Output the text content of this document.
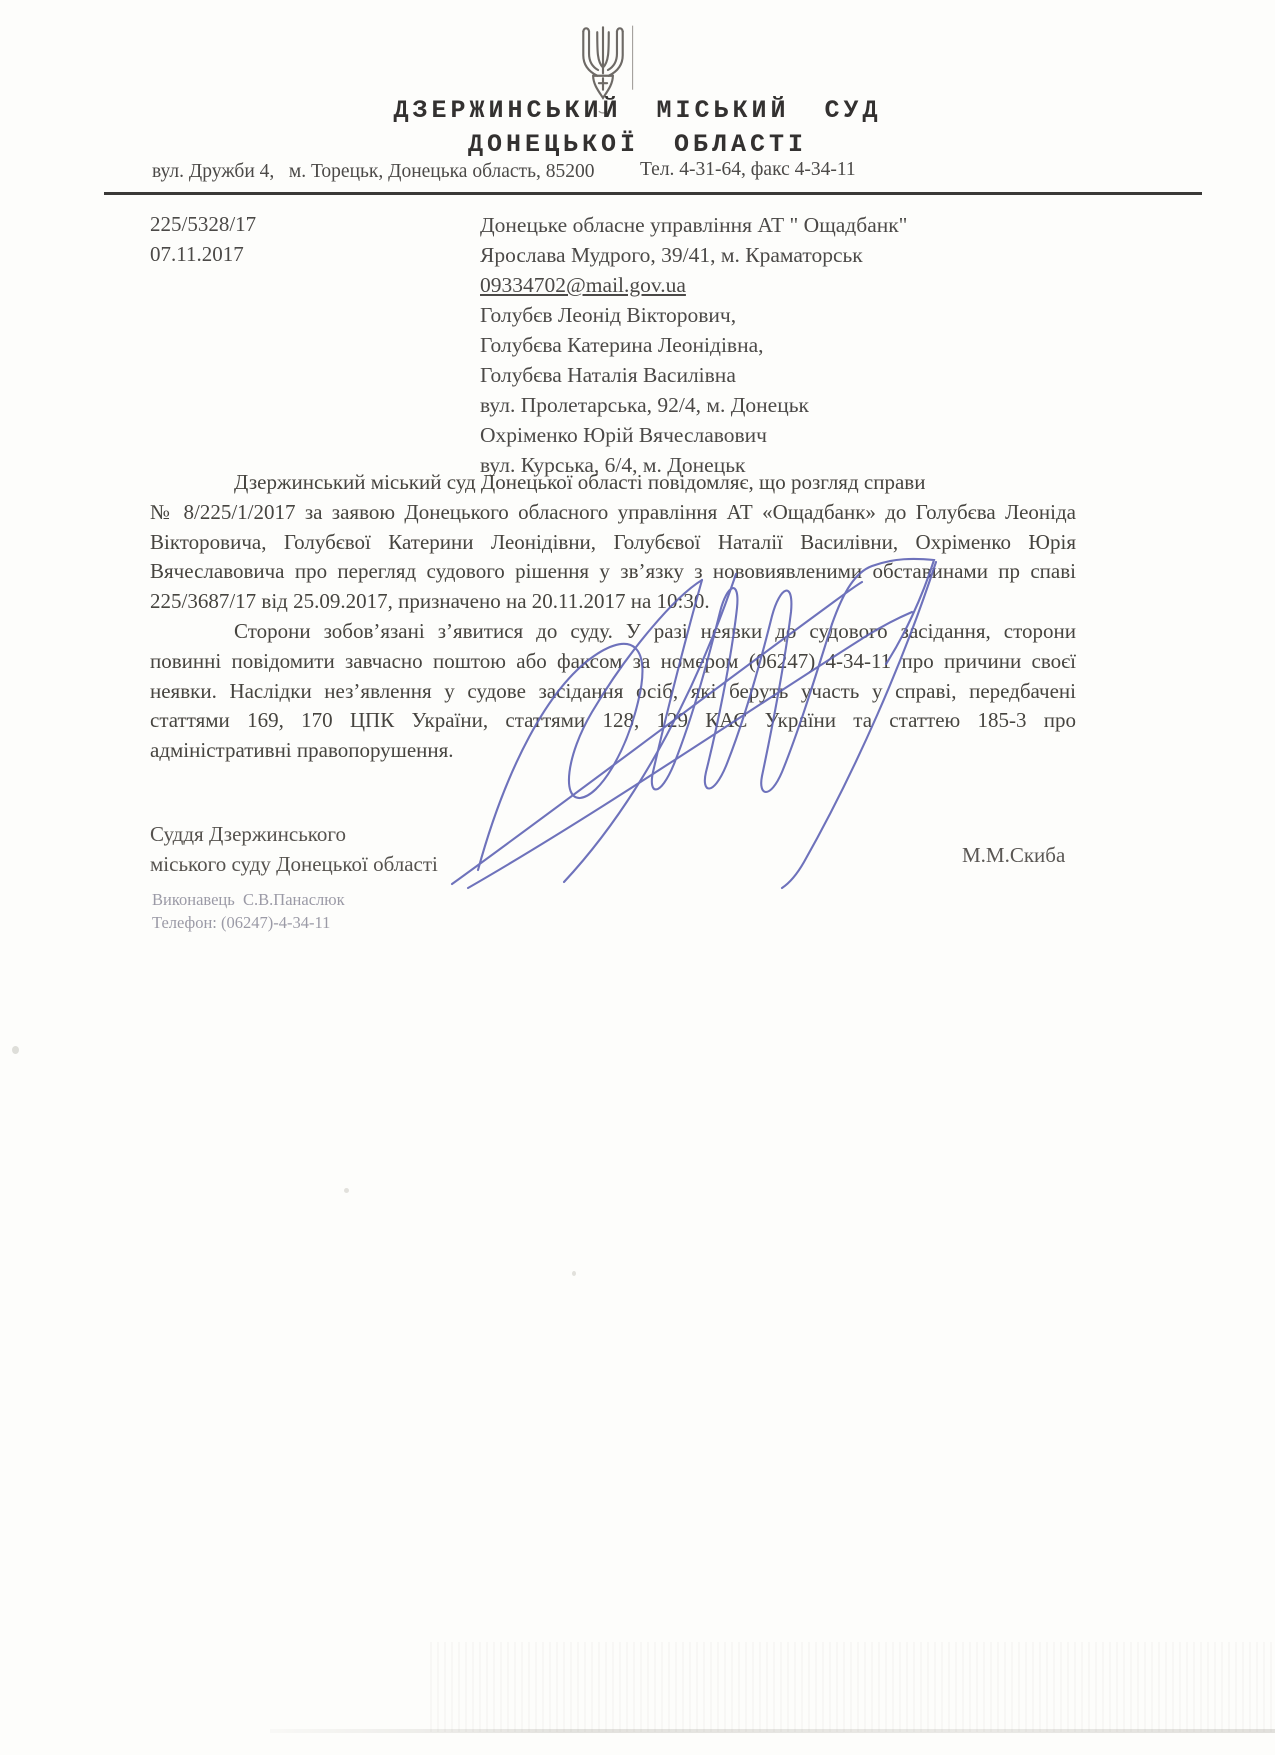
ДЗЕРЖИНСЬКИЙ МІСЬКИЙ СУД
ДОНЕЦЬКОЇ ОБЛАСТІ
вул. Дружби 4,   м. Торецьк, Донецька область, 85200 Тел. 4-31-64, факс 4-34-11
225/5328/17
07.11.2017
Донецьке обласне управління АТ " Ощадбанк"
Ярослава Мудрого, 39/41, м. Краматорськ
09334702@mail.gov.ua
Голубєв Леонід Вікторович,
Голубєва Катерина Леонідівна,
Голубєва Наталія Василівна
вул. Пролетарська, 92/4, м. Донецьк
Охріменко Юрій Вячеславович
вул. Курська, 6/4, м. Донецьк
Дзержинський міський суд Донецької області повідомляє, що розгляд справи
№ 8/225/1/2017 за заявою Донецького обласного управління АТ «Ощадбанк» до Голубєва Леоніда
Вікторовича, Голубєвої Катерини Леонідівни, Голубєвої Наталії Василівни, Охріменко Юрія
Вячеславовича про перегляд судового рішення у зв’язку з нововиявленими обставинами пр спаві
225/3687/17 від 25.09.2017, призначено на 20.11.2017 на 10:30.
Сторони зобов’язані з’явитися до суду. У разі неявки до судового засідання, сторони
повинні повідомити завчасно поштою або факсом за номером (06247) 4-34-11 про причини своєї
неявки. Наслідки нез’явлення у судове засідання осіб, які беруть участь у справі, передбачені
статтями 169, 170 ЦПК України, статтями 128, 129 КАС України та статтею 185-3 про
адміністративні правопорушення.
Суддя Дзержинського
міського суду Донецької області	М.М.Скиба
Виконавець  С.В.Панаслюк
Телефон: (06247)-4-34-11
